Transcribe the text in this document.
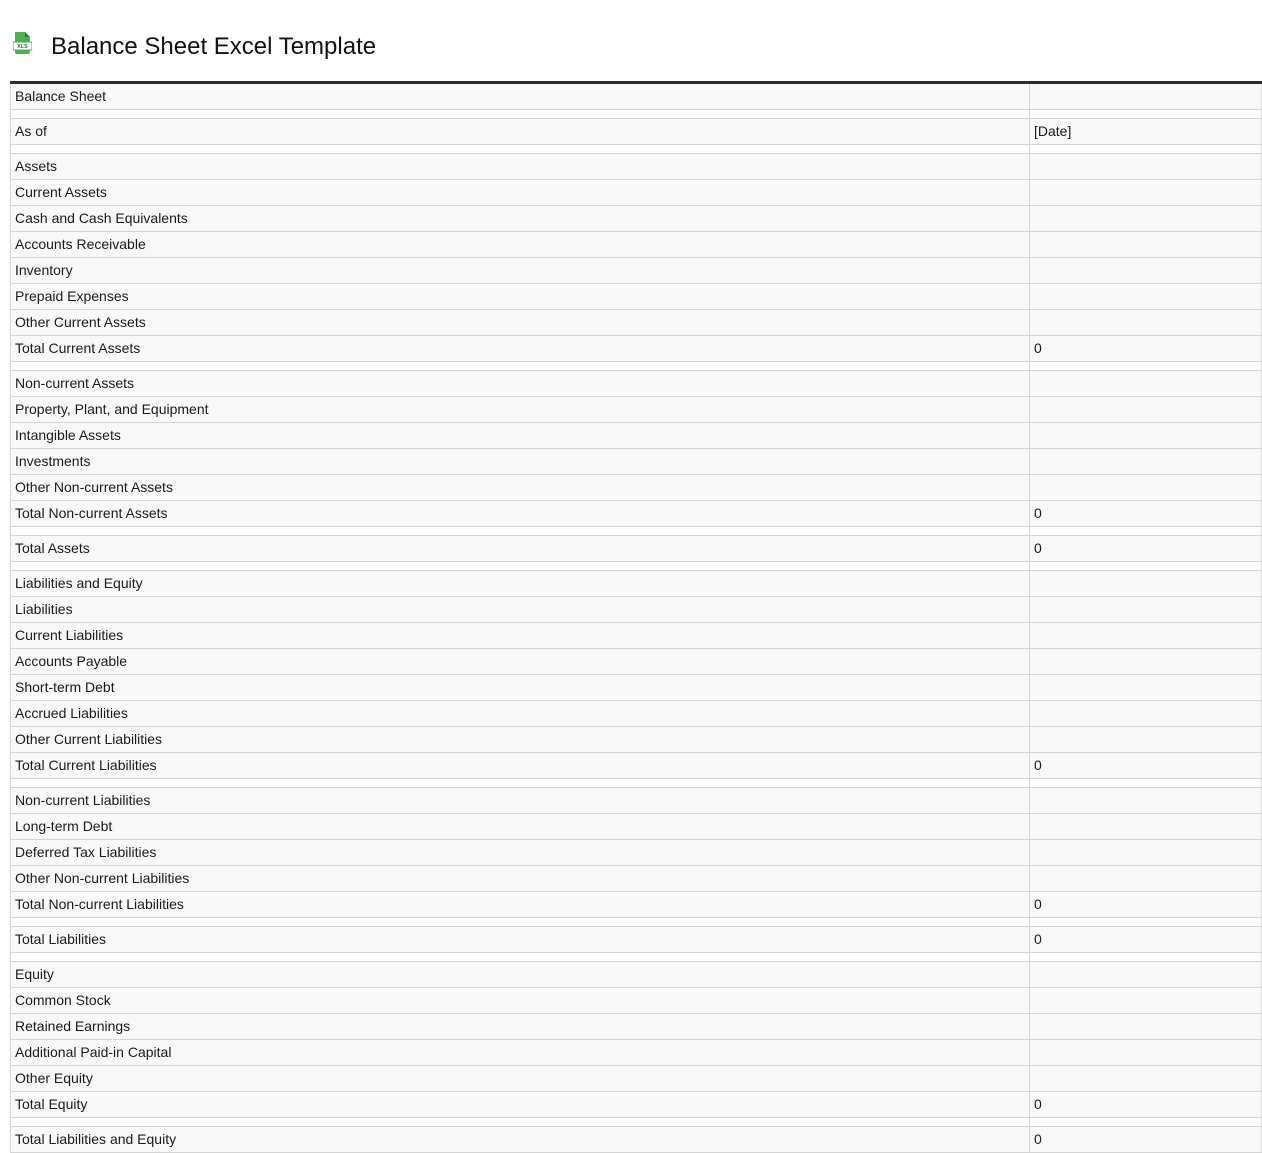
XLS Balance Sheet Excel Template
Balance Sheet
As of	[Date]
Assets
Current Assets
Cash and Cash Equivalents
Accounts Receivable
Inventory
Prepaid Expenses
Other Current Assets
Total Current Assets	0
Non-current Assets
Property, Plant, and Equipment
Intangible Assets
Investments
Other Non-current Assets
Total Non-current Assets	0
Total Assets	0
Liabilities and Equity
Liabilities
Current Liabilities
Accounts Payable
Short-term Debt
Accrued Liabilities
Other Current Liabilities
Total Current Liabilities	0
Non-current Liabilities
Long-term Debt
Deferred Tax Liabilities
Other Non-current Liabilities
Total Non-current Liabilities	0
Total Liabilities	0
Equity
Common Stock
Retained Earnings
Additional Paid-in Capital
Other Equity
Total Equity	0
Total Liabilities and Equity	0
